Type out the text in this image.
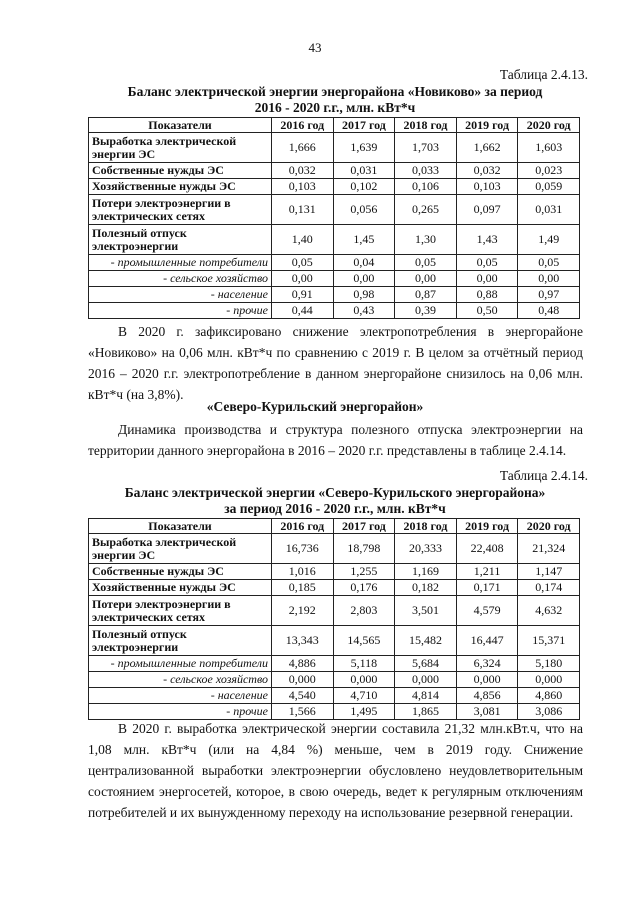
43
Таблица 2.4.13.
Баланс электрической энергии энергорайона «Новиково» за период
2016 - 2020 г.г., млн. кВт*ч
Показатели	2016 год	2017 год	2018 год	2019 год	2020 год
Выработка электрической энергии ЭС	1,666	1,639	1,703	1,662	1,603
Собственные нужды ЭС	0,032	0,031	0,033	0,032	0,023
Хозяйственные нужды ЭС	0,103	0,102	0,106	0,103	0,059
Потери электроэнергии в электрических сетях	0,131	0,056	0,265	0,097	0,031
Полезный отпуск электроэнергии	1,40	1,45	1,30	1,43	1,49
- промышленные потребители	0,05	0,04	0,05	0,05	0,05
- сельское хозяйство	0,00	0,00	0,00	0,00	0,00
- население	0,91	0,98	0,87	0,88	0,97
- прочие	0,44	0,43	0,39	0,50	0,48
В 2020 г. зафиксировано снижение электропотребления в энергорайоне «Новиково» на 0,06 млн. кВт*ч по сравнению с 2019 г. В целом за отчётный период 2016 – 2020 г.г. электропотребление в данном энергорайоне снизилось на 0,06 млн. кВт*ч (на 3,8%).
«Северо-Курильский энергорайон»
Динамика производства и структура полезного отпуска электроэнергии на территории данного энергорайона в 2016 – 2020 г.г. представлены в таблице 2.4.14.
Таблица 2.4.14.
Баланс электрической энергии «Северо-Курильского энергорайона»
за период 2016 - 2020 г.г., млн. кВт*ч
Показатели	2016 год	2017 год	2018 год	2019 год	2020 год
Выработка электрической энергии ЭС	16,736	18,798	20,333	22,408	21,324
Собственные нужды ЭС	1,016	1,255	1,169	1,211	1,147
Хозяйственные нужды ЭС	0,185	0,176	0,182	0,171	0,174
Потери электроэнергии в электрических сетях	2,192	2,803	3,501	4,579	4,632
Полезный отпуск электроэнергии	13,343	14,565	15,482	16,447	15,371
- промышленные потребители	4,886	5,118	5,684	6,324	5,180
- сельское хозяйство	0,000	0,000	0,000	0,000	0,000
- население	4,540	4,710	4,814	4,856	4,860
- прочие	1,566	1,495	1,865	3,081	3,086
В 2020 г. выработка электрической энергии составила 21,32 млн.кВт.ч, что на 1,08 млн. кВт*ч (или на 4,84 %) меньше, чем в 2019 году. Снижение централизованной выработки электроэнергии обусловлено неудовлетворительным состоянием энергосетей, которое, в свою очередь, ведет к регулярным отключениям потребителей и их вынужденному переходу на использование резервной генерации.
